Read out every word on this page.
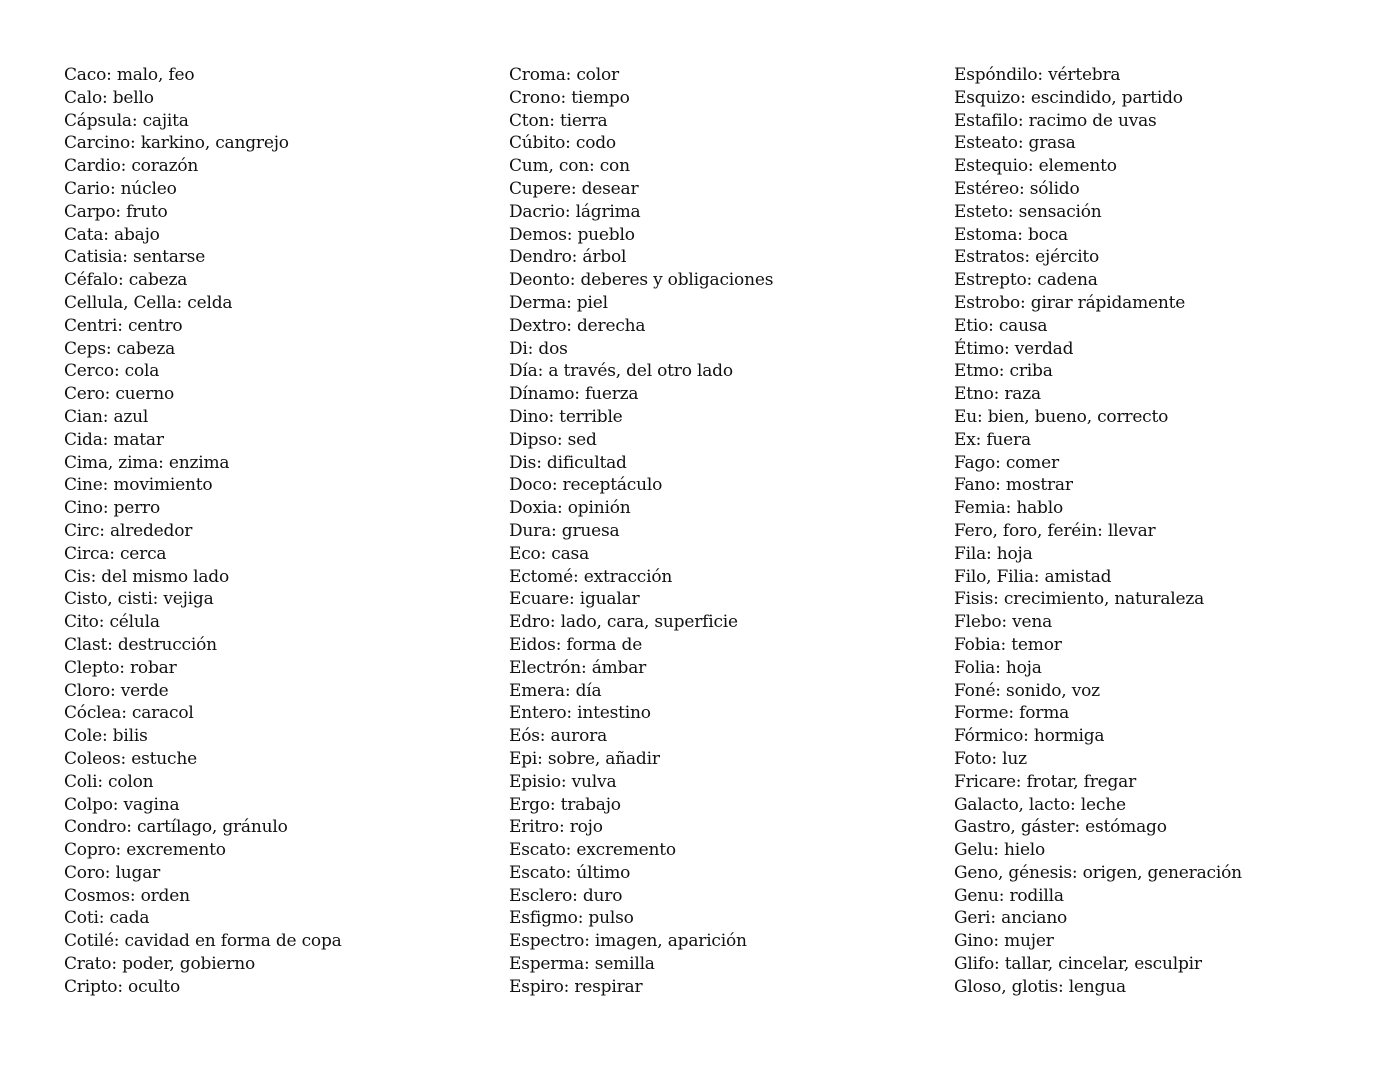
Caco: malo, feo
Calo: bello
Cápsula: cajita
Carcino: karkino, cangrejo
Cardio: corazón
Cario: núcleo
Carpo: fruto
Cata: abajo
Catisia: sentarse
Céfalo: cabeza
Cellula, Cella: celda
Centri: centro
Ceps: cabeza
Cerco: cola
Cero: cuerno
Cian: azul
Cida: matar
Cima, zima: enzima
Cine: movimiento
Cino: perro
Circ: alrededor
Circa: cerca
Cis: del mismo lado
Cisto, cisti: vejiga
Cito: célula
Clast: destrucción
Clepto: robar
Cloro: verde
Cóclea: caracol
Cole: bilis
Coleos: estuche
Coli: colon
Colpo: vagina
Condro: cartílago, gránulo
Copro: excremento
Coro: lugar
Cosmos: orden
Coti: cada
Cotilé: cavidad en forma de copa
Crato: poder, gobierno
Cripto: oculto
Croma: color
Crono: tiempo
Cton: tierra
Cúbito: codo
Cum, con: con
Cupere: desear
Dacrio: lágrima
Demos: pueblo
Dendro: árbol
Deonto: deberes y obligaciones
Derma: piel
Dextro: derecha
Di: dos
Día: a través, del otro lado
Dínamo: fuerza
Dino: terrible
Dipso: sed
Dis: dificultad
Doco: receptáculo
Doxia: opinión
Dura: gruesa
Eco: casa
Ectomé: extracción
Ecuare: igualar
Edro: lado, cara, superficie
Eidos: forma de
Electrón: ámbar
Emera: día
Entero: intestino
Eós: aurora
Epi: sobre, añadir
Episio: vulva
Ergo: trabajo
Eritro: rojo
Escato: excremento
Escato: último
Esclero: duro
Esfigmo: pulso
Espectro: imagen, aparición
Esperma: semilla
Espiro: respirar
Espóndilo: vértebra
Esquizo: escindido, partido
Estafilo: racimo de uvas
Esteato: grasa
Estequio: elemento
Estéreo: sólido
Esteto: sensación
Estoma: boca
Estratos: ejército
Estrepto: cadena
Estrobo: girar rápidamente
Etio: causa
Étimo: verdad
Etmo: criba
Etno: raza
Eu: bien, bueno, correcto
Ex: fuera
Fago: comer
Fano: mostrar
Femia: hablo
Fero, foro, feréin: llevar
Fila: hoja
Filo, Filia: amistad
Fisis: crecimiento, naturaleza
Flebo: vena
Fobia: temor
Folia: hoja
Foné: sonido, voz
Forme: forma
Fórmico: hormiga
Foto: luz
Fricare: frotar, fregar
Galacto, lacto: leche
Gastro, gáster: estómago
Gelu: hielo
Geno, génesis: origen, generación
Genu: rodilla
Geri: anciano
Gino: mujer
Glifo: tallar, cincelar, esculpir
Gloso, glotis: lengua
